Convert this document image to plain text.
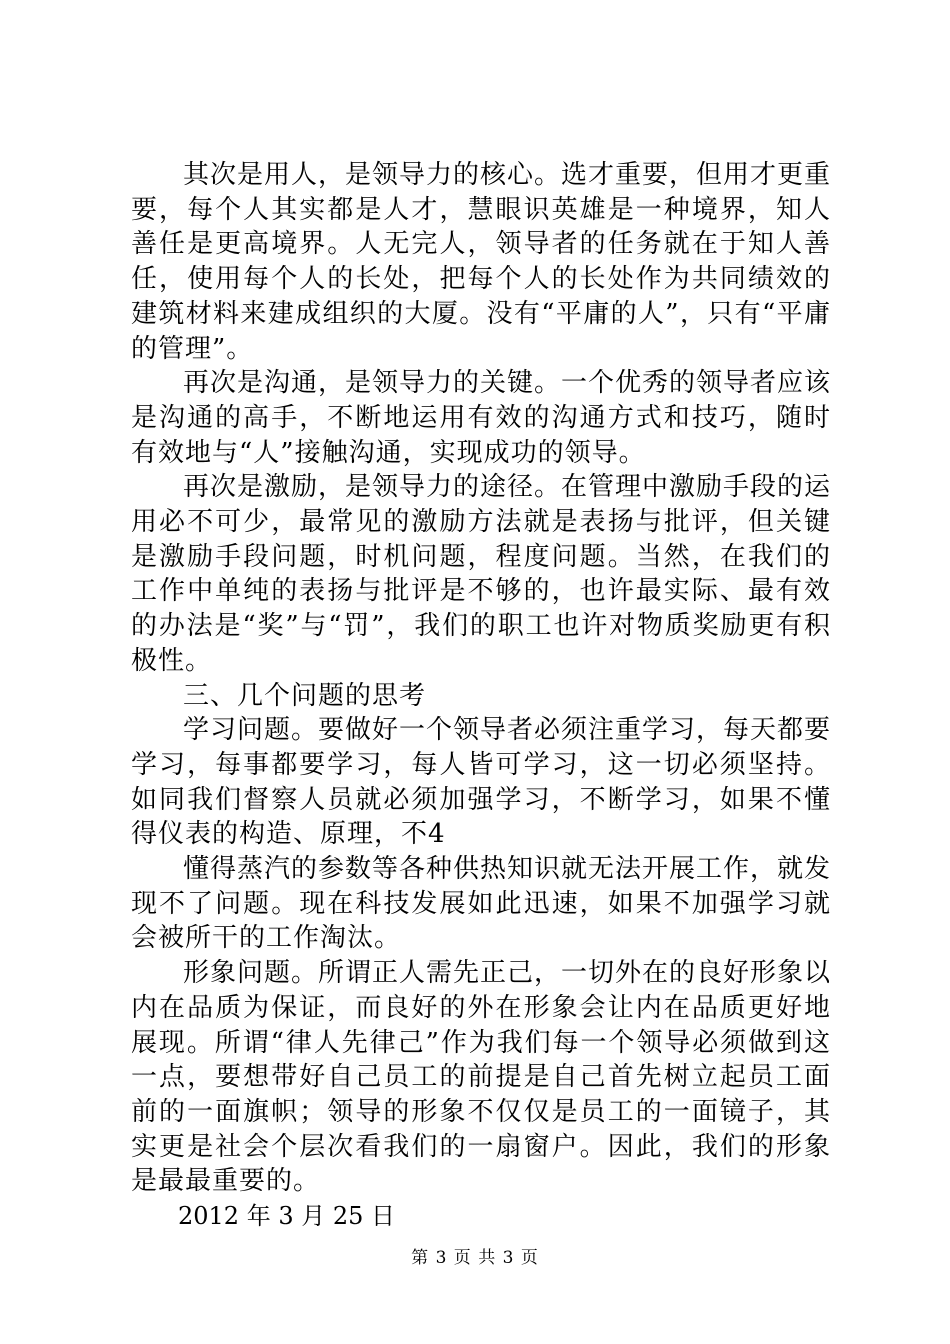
其次是用人，是领导力的核心。选才重要，但用才更重要，每个人其实都是人才，慧眼识英雄是一种境界，知人善任是更高境界。人无完人，领导者的任务就在于知人善任，使用每个人的长处，把每个人的长处作为共同绩效的建筑材料来建成组织的大厦。没有“平庸的人”，只有“平庸的管理”。

再次是沟通，是领导力的关键。一个优秀的领导者应该是沟通的高手，不断地运用有效的沟通方式和技巧，随时有效地与“人”接触沟通，实现成功的领导。

再次是激励，是领导力的途径。在管理中激励手段的运用必不可少，最常见的激励方法就是表扬与批评，但关键是激励手段问题，时机问题，程度问题。当然，在我们的工作中单纯的表扬与批评是不够的，也许最实际、最有效的办法是“奖”与“罚”，我们的职工也许对物质奖励更有积极性。

三、几个问题的思考

学习问题。要做好一个领导者必须注重学习，每天都要学习，每事都要学习，每人皆可学习，这一切必须坚持。如同我们督察人员就必须加强学习，不断学习，如果不懂得仪表的构造、原理，不4

懂得蒸汽的参数等各种供热知识就无法开展工作，就发现不了问题。现在科技发展如此迅速，如果不加强学习就会被所干的工作淘汰。

形象问题。所谓正人需先正己，一切外在的良好形象以内在品质为保证，而良好的外在形象会让内在品质更好地展现。所谓“律人先律己”作为我们每一个领导必须做到这一点，要想带好自己员工的前提是自己首先树立起员工面前的一面旗帜；领导的形象不仅仅是员工的一面镜子，其实更是社会个层次看我们的一扇窗户。因此，我们的形象是最最重要的。

2012 年 3 月 25 日

第 3 页 共 3 页
